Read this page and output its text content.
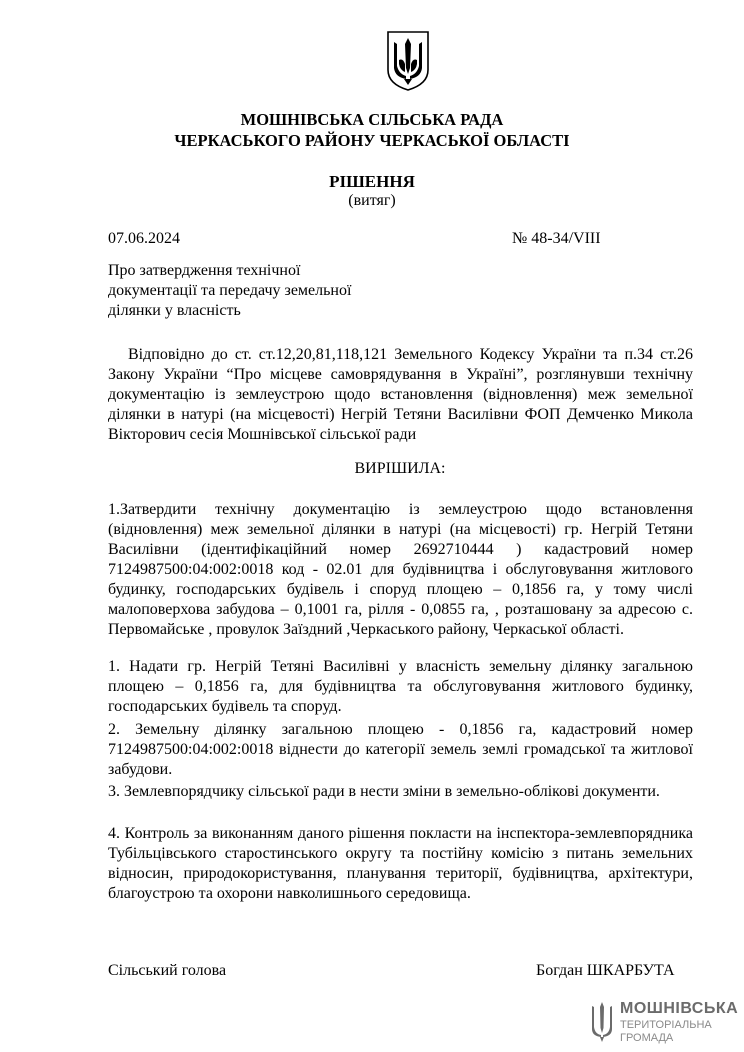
МОШНІВСЬКА СІЛЬСЬКА РАДА
ЧЕРКАСЬКОГО РАЙОНУ ЧЕРКАСЬКОЇ ОБЛАСТІ
РІШЕННЯ
(витяг)
07.06.2024	№ 48-34/VIII
Про затвердження технічної
документації та передачу земельної
ділянки у власність
Відповідно до ст. ст.12,20,81,118,121 Земельного Кодексу України та п.34 ст.26 Закону України “Про місцеве самоврядування в Україні”, розглянувши технічну документацію із землеустрою щодо встановлення (відновлення) меж земельної ділянки в натурі (на місцевості) Негрій Тетяни Василівни ФОП Демченко Микола Вікторович сесія Мошнівської сільської ради
ВИРІШИЛА:
1.Затвердити технічну документацію із землеустрою щодо встановлення (відновлення) меж земельної ділянки в натурі (на місцевості) гр. Негрій Тетяни Василівни (ідентифікаційний номер 2692710444 ) кадастровий номер 7124987500:04:002:0018 код - 02.01 для будівництва і обслуговування житлового будинку, господарських будівель і споруд площею – 0,1856 га, у тому числі малоповерхова забудова – 0,1001 га, рілля - 0,0855 га, , розташовану за адресою с. Первомайське , провулок Заїздний ,Черкаського району, Черкаської області.
1. Надати гр. Негрій Тетяні Василівні у власність земельну ділянку загальною площею – 0,1856 га, для будівництва та обслуговування житлового будинку, господарських будівель та споруд.
2. Земельну ділянку загальною площею - 0,1856 га, кадастровий номер 7124987500:04:002:0018 віднести до категорії земель землі громадської та житлової забудови.
3. Землевпорядчику сільської ради в нести зміни в земельно-облікові документи.
4. Контроль за виконанням даного рішення покласти на інспектора-землевпорядника Тубільцівського старостинського округу та постійну комісію з питань земельних відносин, природокористування, планування території, будівництва, архітектури, благоустрою та охорони навколишнього середовища.
Сільський голова	Богдан ШКАРБУТА
МОШНІВСЬКА
ТЕРИТОРІАЛЬНА
ГРОМАДА
